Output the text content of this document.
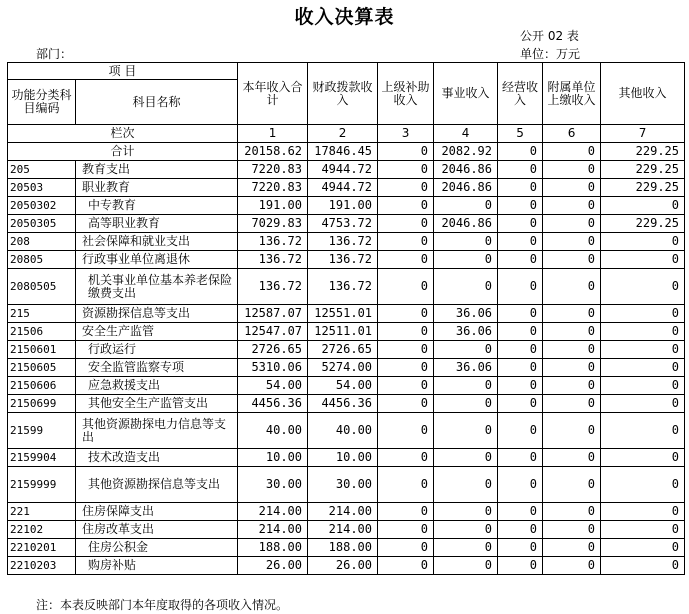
收入决算表
公开 02 表
部门：	单位：万元
项 目		本年收入合计	财政拨款收入	上级补助收入	事业收入	经营收入	附属单位上缴收入	其他收入
功能分类科目编码	科目名称							
栏次		1	2	3	4	5	6	7
合计		20158.62	17846.45	0	2082.92	0	0	229.25
205	教育支出	7220.83	4944.72	0	2046.86	0	0	229.25
20503	职业教育	7220.83	4944.72	0	2046.86	0	0	229.25
2050302	中专教育	191.00	191.00	0	0	0	0	0
2050305	高等职业教育	7029.83	4753.72	0	2046.86	0	0	229.25
208	社会保障和就业支出	136.72	136.72	0	0	0	0	0
20805	行政事业单位离退休	136.72	136.72	0	0	0	0	0
2080505	机关事业单位基本养老保险缴费支出	136.72	136.72	0	0	0	0	0
215	资源勘探信息等支出	12587.07	12551.01	0	36.06	0	0	0
21506	安全生产监管	12547.07	12511.01	0	36.06	0	0	0
2150601	行政运行	2726.65	2726.65	0	0	0	0	0
2150605	安全监管监察专项	5310.06	5274.00	0	36.06	0	0	0
2150606	应急救援支出	54.00	54.00	0	0	0	0	0
2150699	其他安全生产监管支出	4456.36	4456.36	0	0	0	0	0
21599	其他资源勘探电力信息等支出	40.00	40.00	0	0	0	0	0
2159904	技术改造支出	10.00	10.00	0	0	0	0	0
2159999	其他资源勘探信息等支出	30.00	30.00	0	0	0	0	0
221	住房保障支出	214.00	214.00	0	0	0	0	0
22102	住房改革支出	214.00	214.00	0	0	0	0	0
2210201	住房公积金	188.00	188.00	0	0	0	0	0
2210203	购房补贴	26.00	26.00	0	0	0	0	0
注：本表反映部门本年度取得的各项收入情况。
